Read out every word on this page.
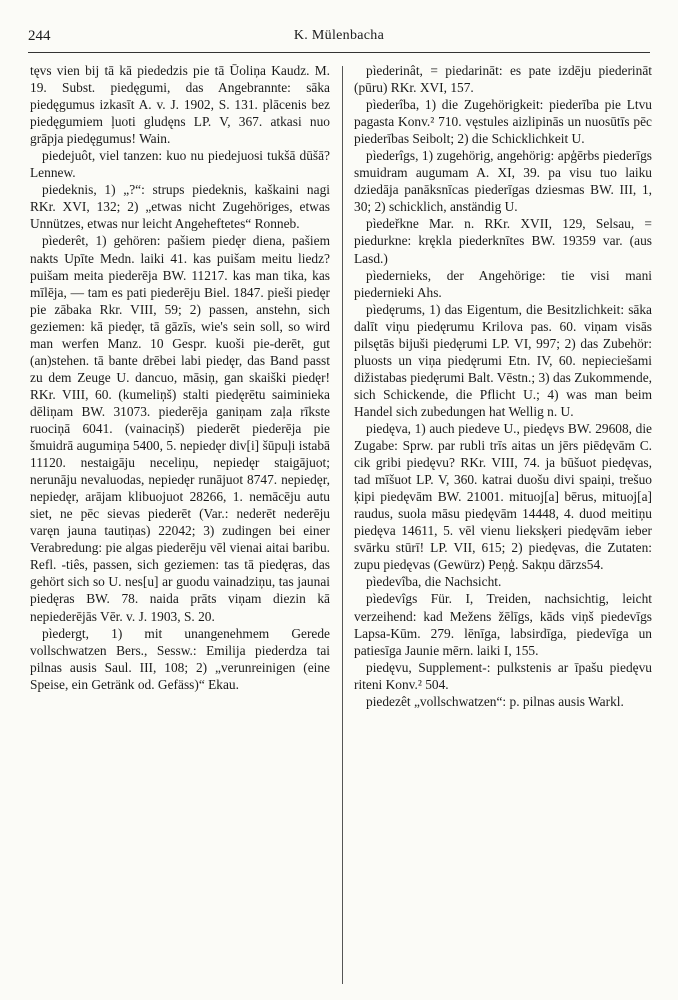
244	K. Mülenbacha

tęvs vien bij tā kā piededzis pie tā Ūoliņa Kaudz. M. 19. Subst. piedęgumi, das Angebrannte: sāka piedęgumus izkasīt A. v. J. 1902, S. 131. plācenis bez piedęgumiem ļuoti gludęns LP. V, 367. atkasi nuo grāpja piedęgumus! Wain.

piedejuôt, viel tanzen: kuo nu piedejuosi tukšā dūšā? Lennew.

piedeknis, 1) „?“: strups piedeknis, kaškaini nagi RKr. XVI, 132; 2) „etwas nicht Zugehöriges, etwas Unnützes, etwas nur leicht Angeheftetes“ Ronneb.

pìederêt, 1) gehören: pašiem piedęr diena, pašiem nakts Upīte Medn. laiki 41. kas puišam meitu liedz? puišam meita piederēja BW. 11217. kas man tika, kas mīlēja, — tam es pati piederēju Biel. 1847. pieši piedęr pie zābaka Rkr. VIII, 59; 2) passen, anstehn, sich geziemen: kā piedęr, tā gāzīs, wie's sein soll, so wird man werfen Manz. 10 Gespr. kuoši pie-derēt, gut (an)stehen. tā bante drēbei labi piedęr, das Band passt zu dem Zeuge U. dancuo, māsiņ, gan skaiški piedęr! RKr. VIII, 60. (kumeliņš) stalti piedęrētu saiminieka dēliņam BW. 31073. piederēja ganiņam zaļa rīkste ruociņā 6041. (vainaciņš) piederēt piederēja pie šmuidrā augumiņa 5400, 5. nepiedęr div[i] šūpuļi istabā 11120. nestaigāju neceliņu, nepiedęr staigājuot; nerunāju nevaluodas, nepiedęr runājuot 8747. nepiedęr, nepiedęr, arājam klibuojuot 28266, 1. nemācēju autu siet, ne pēc sievas piederēt (Var.: nederēt nederēju varęn jauna tautiņas) 22042; 3) zudingen bei einer Verabredung: pie algas piederēju vēl vienai aitai baribu. Refl. -tiês, passen, sich geziemen: tas tā piedęras, das gehört sich so U. nes[u] ar guodu vainadziņu, tas jaunai piedęras BW. 78. naida prāts viņam diezin kā nepiederējās Vēr. v. J. 1903, S. 20.

pìedergt, 1) mit unangenehmem Gerede vollschwatzen Bers., Sessw.: Emilija piederdza tai pilnas ausis Saul. III, 108; 2) „verunreinigen (eine Speise, ein Getränk od. Gefäss)“ Ekau.

pìederinât, = piedarināt: es pate izdēju piederināt (pūru) RKr. XVI, 157.

pìederîba, 1) die Zugehörigkeit: piederība pie Ltvu pagasta Konv.² 710. vęstules aizlipinās un nuosūtīs pēc piederības Seibolt; 2) die Schicklichkeit U.

pìederîgs, 1) zugehörig, angehörig: apģērbs piederīgs smuidram augumam A. XI, 39. pa visu tuo laiku dziedāja panāksnīcas piederīgas dziesmas BW. III, 1, 30; 2) schicklich, anständig U.

pìedeřkne Mar. n. RKr. XVII, 129, Selsau, = piedurkne: krękla piederknītes BW. 19359 var. (aus Lasd.)

pìedernieks, der Angehörige: tie visi mani piedernieki Ahs.

pìedęrums, 1) das Eigentum, die Besitzlichkeit: sāka dalīt viņu piedęrumu Krilova pas. 60. viņam visās pilsętās bijuši piedęrumi LP. VI, 997; 2) das Zubehör: pluosts un viņa piedęrumi Etn. IV, 60. nepieciešami dižistabas piedęrumi Balt. Vēstn.; 3) das Zukommende, sich Schickende, die Pflicht U.; 4) was man beim Handel sich zubedungen hat Wellig n. U.

piedęva, 1) auch piedeve U., piedęvs BW. 29608, die Zugabe: Sprw. par rubli trīs aitas un jērs piēdęvām C. cik gribi piedęvu? RKr. VIII, 74. ja būšuot piedęvas, tad mīšuot LP. V, 360. katrai duošu divi spaiņi, trešuo ķipi piedęvām BW. 21001. mituoj[a] bērus, mituoj[a] raudus, suola māsu piedęvām 14448, 4. duod meitiņu piedęva 14611, 5. vēl vienu lieksķeri piedęvām ieber svārku stūrī! LP. VII, 615; 2) piedęvas, die Zutaten: zupu piedęvas (Gewürz) Peņģ. Sakņu dārzs54.

pìedevîba, die Nachsicht.

pìedevîgs Für. I, Treiden, nachsichtig, leicht verzeihend: kad Mežens žēlīgs, kāds viņš piedevīgs Lapsa-Kūm. 279. lēnīga, labsirdīga, piedevīga un patiesīga Jaunie mērn. laiki I, 155.

piedęvu, Supplement-: pulkstenis ar īpašu piedęvu riteni Konv.² 504.

piedezêt „vollschwatzen“: p. pilnas ausis Warkl.
